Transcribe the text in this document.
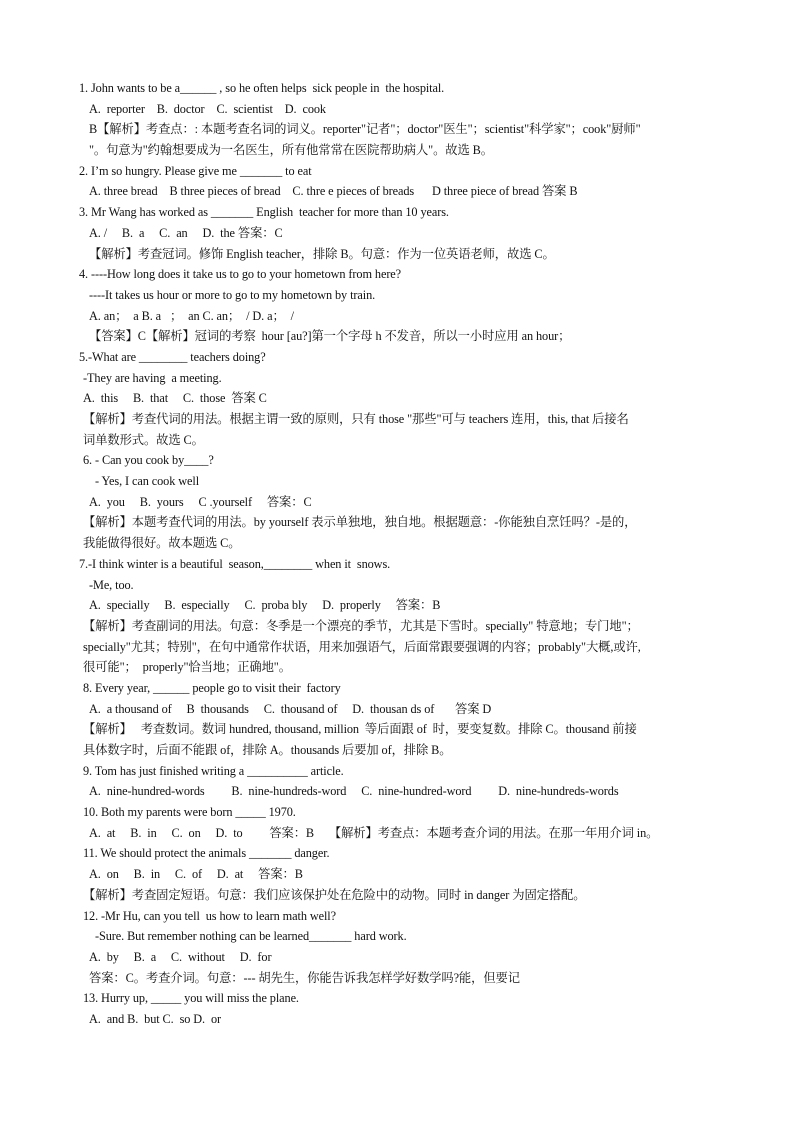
1. John wants to be a______ , so he often helps  sick people in  the hospital.
A.  reporter    B.  doctor    C.  scientist    D.  cook
B【解析】考查点：: 本题考查名词的词义。reporter"记者"；doctor"医生"；scientist"科学家"；cook"厨师"
"。句意为"约翰想要成为一名医生，所有他常常在医院帮助病人"。故选 B。
2. I’m so hungry. Please give me _______ to eat
A. three bread    B three pieces of bread    C. thre e pieces of breads      D three piece of bread 答案 B
3. Mr Wang has worked as _______ English  teacher for more than 10 years.
A. /     B.  a     C.  an     D.  the 答案：C
【解析】考查冠词。修饰 English teacher，排除 B。句意：作为一位英语老师，故选 C。
4. ----How long does it take us to go to your hometown from here?
----It takes us hour or more to go to my hometown by train.
A. an；  a B. a   ；  an C. an；  / D. a；  /
【答案】C【解析】冠词的考察  hour [au?]第一个字母 h 不发音，所以一小时应用 an hour；
5.-What are ________ teachers doing?
-They are having  a meeting.
A.  this     B.  that     C.  those  答案 C
【解析】考查代词的用法。根据主谓一致的原则，只有 those "那些"可与 teachers 连用，this, that 后接名
词单数形式。故选 C。
6. - Can you cook by____?
- Yes, I can cook well
A.  you     B.  yours     C .yourself     答案：C
【解析】本题考查代词的用法。by yourself 表示单独地，独自地。根据题意：-你能独自烹饪吗？-是的，
我能做得很好。故本题选 C。
7.-I think winter is a beautiful  season,________ when it  snows.
-Me, too.
A.  specially     B.  especially     C.  proba bly     D.  properly     答案：B
【解析】考查副词的用法。句意：冬季是一个漂亮的季节，尤其是下雪时。specially" 特意地；专门地"；
specially"尤其；特别"，在句中通常作状语，用来加强语气，后面常跟要强调的内容；probably"大概,或许,
很可能"；  properly"恰当地；正确地"。
8. Every year, ______ people go to visit their  factory
A.  a thousand of     B  thousands     C.  thousand of     D.  thousan ds of       答案 D
【解析】   考查数词。数词 hundred, thousand, million  等后面跟 of  时，要变复数。排除 C。thousand 前接
具体数字时，后面不能跟 of，排除 A。thousands 后要加 of，排除 B。
9. Tom has just finished writing a __________ article.
A.  nine-hundred-words         B.  nine-hundreds-word     C.  nine-hundred-word         D.  nine-hundreds-words
10. Both my parents were born _____ 1970.
A.  at     B.  in     C.  on     D.  to         答案：B     【解析】考查点：本题考查介词的用法。在那一年用介词 in。
11. We should protect the animals _______ danger.
A.  on     B.  in     C.  of     D.  at     答案：B
【解析】考查固定短语。句意：我们应该保护处在危险中的动物。同时 in danger 为固定搭配。
12. -Mr Hu, can you tell  us how to learn math well?
-Sure. But remember nothing can be learned_______ hard work.
A.  by     B.  a     C.  without     D.  for
答案：C。考查介词。句意：--- 胡先生，你能告诉我怎样学好数学吗?能，但要记
13. Hurry up, _____ you will miss the plane.
A.  and B.  but C.  so D.  or
